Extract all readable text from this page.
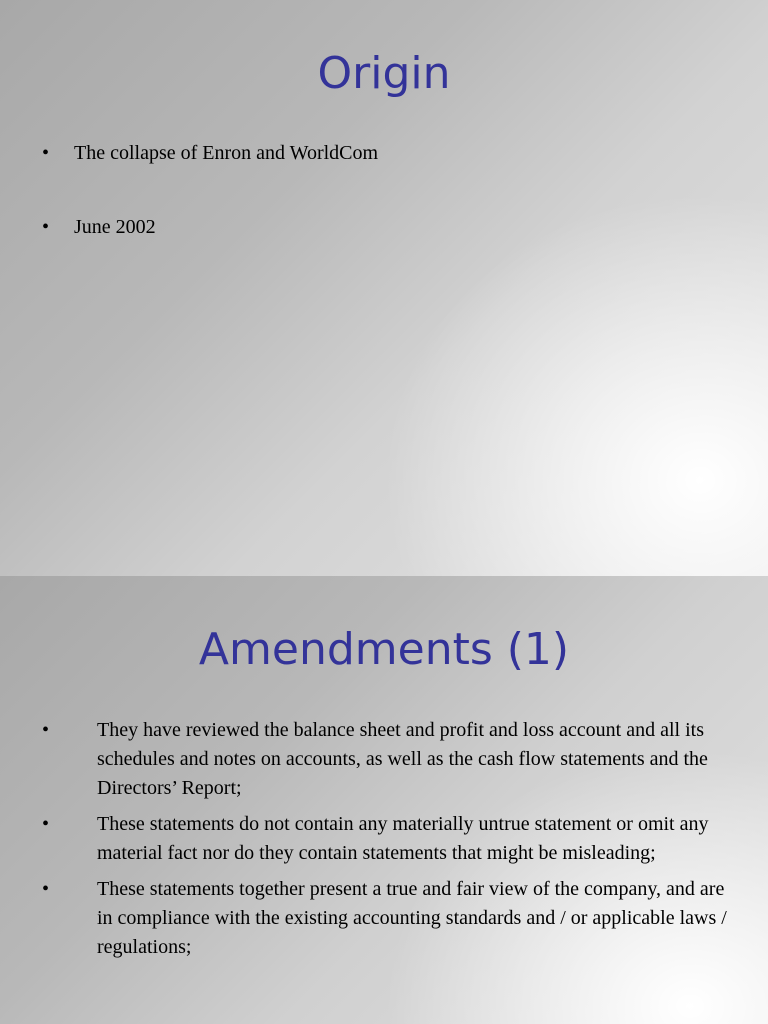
Origin
• The collapse of Enron and WorldCom
• June 2002
Amendments (1)
• They have reviewed the balance sheet and profit and loss account and all its schedules and notes on accounts, as well as the cash flow statements and the Directors’ Report;
• These statements do not contain any materially untrue statement or omit any material fact nor do they contain statements that might be misleading;
• These statements together present a true and fair view of the company, and are in compliance with the existing accounting standards and / or applicable laws / regulations;
